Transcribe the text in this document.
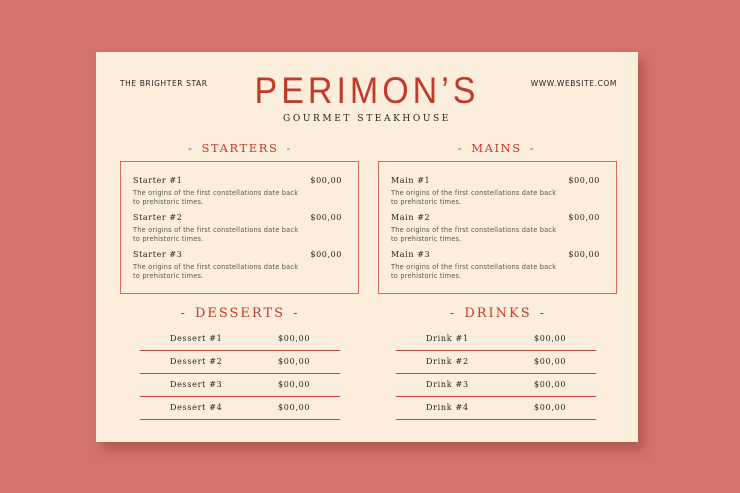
THE BRIGHTER STAR	WWW.WEBSITE.COM
PERIMON’S
GOURMET STEAKHOUSE
- STARTERS -
Starter #1	$00,00
The origins of the first constellations date back to prehistoric times.
Starter #2	$00,00
The origins of the first constellations date back to prehistoric times.
Starter #3	$00,00
The origins of the first constellations date back to prehistoric times.
- MAINS -
Main #1	$00,00
The origins of the first constellations date back to prehistoric times.
Main #2	$00,00
The origins of the first constellations date back to prehistoric times.
Main #3	$00,00
The origins of the first constellations date back to prehistoric times.
- DESSERTS -
Dessert #1	$00,00
Dessert #2	$00,00
Dessert #3	$00,00
Dessert #4	$00,00
- DRINKS -
Drink #1	$00,00
Drink #2	$00,00
Drink #3	$00,00
Drink #4	$00,00
